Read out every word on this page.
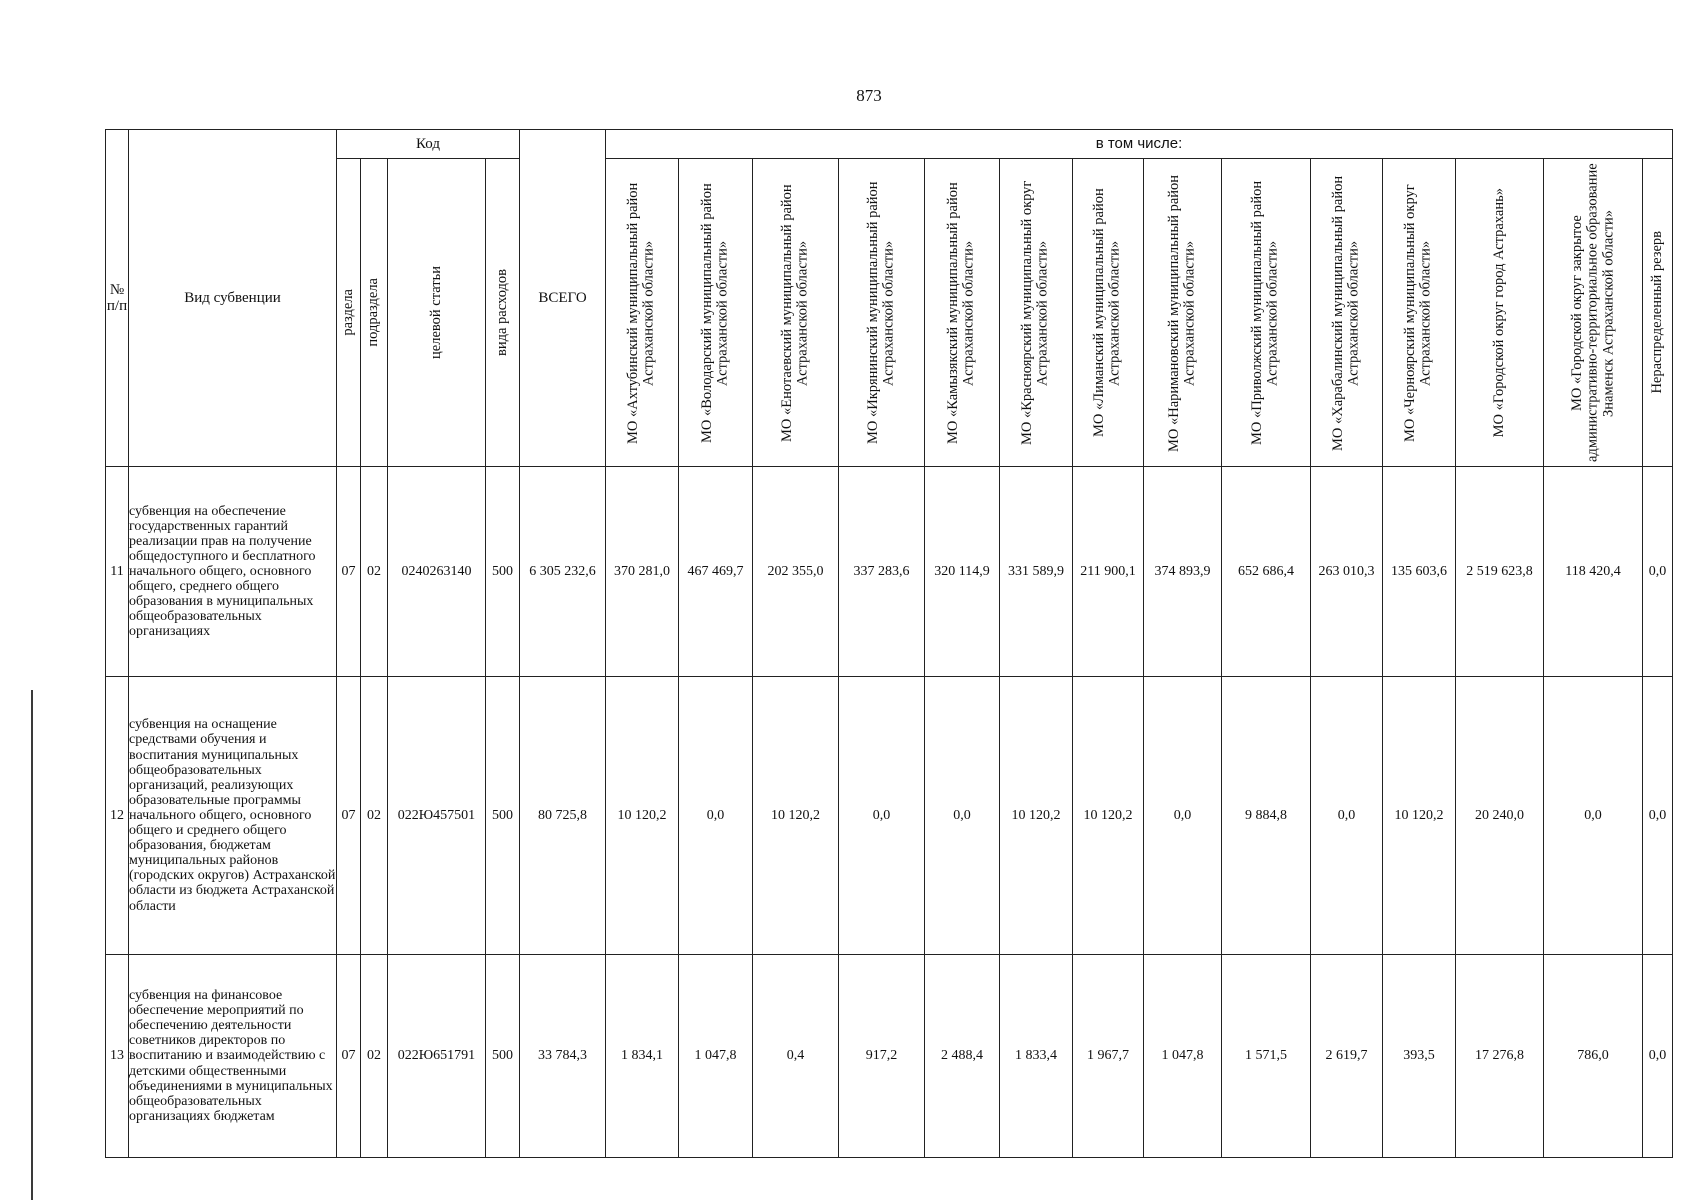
873
№ п/п	Вид субвенции	Код				ВСЕГО	в том числе:													

		раздела	подраздела	целевой статьи	вида расходов		МО «Ахтубинский муниципальный район Астраханской области»	МО «Володарский муниципальный район Астраханской области»	МО «Енотаевский муниципальный район Астраханской области»	МО «Икрянинский муниципальный район Астраханской области»	МО «Камызякский муниципальный район Астраханской области»	МО «Красноярский муниципальный округ Астраханской области»	МО «Лиманский муниципальный район Астраханской области»	МО «Наримановский муниципальный район Астраханской области»	МО «Приволжский муниципальный район Астраханской области»	МО «Харабалинский муниципальный район Астраханской области»	МО «Черноярский муниципальный округ Астраханской области»	МО «Городской округ город Астрахань»	МО «Городской округ закрытое административно-территориальное образование Знаменск Астраханской области»	Нераспределенный резерв

11	субвенция на обеспечение государственных гарантий реализации прав на получение общедоступного и бесплатного начального общего, основного общего, среднего общего образования в муниципальных общеобразовательных организациях	07	02	0240263140	500	6 305 232,6	370 281,0	467 469,7	202 355,0	337 283,6	320 114,9	331 589,9	211 900,1	374 893,9	652 686,4	263 010,3	135 603,6	2 519 623,8	118 420,4	0,0
12	субвенция на оснащение средствами обучения и воспитания муниципальных общеобразовательных организаций, реализующих образовательные программы начального общего, основного общего и среднего общего образования, бюджетам муниципальных районов (городских округов) Астраханской области из бюджета Астраханской области	07	02	022Ю457501	500	80 725,8	10 120,2	0,0	10 120,2	0,0	0,0	10 120,2	10 120,2	0,0	9 884,8	0,0	10 120,2	20 240,0	0,0	0,0
13	субвенция на финансовое обеспечение мероприятий по обеспечению деятельности советников директоров по воспитанию и взаимодействию с детскими общественными объединениями в муниципальных общеобразовательных организациях бюджетам	07	02	022Ю651791	500	33 784,3	1 834,1	1 047,8	0,4	917,2	2 488,4	1 833,4	1 967,7	1 047,8	1 571,5	2 619,7	393,5	17 276,8	786,0	0,0
